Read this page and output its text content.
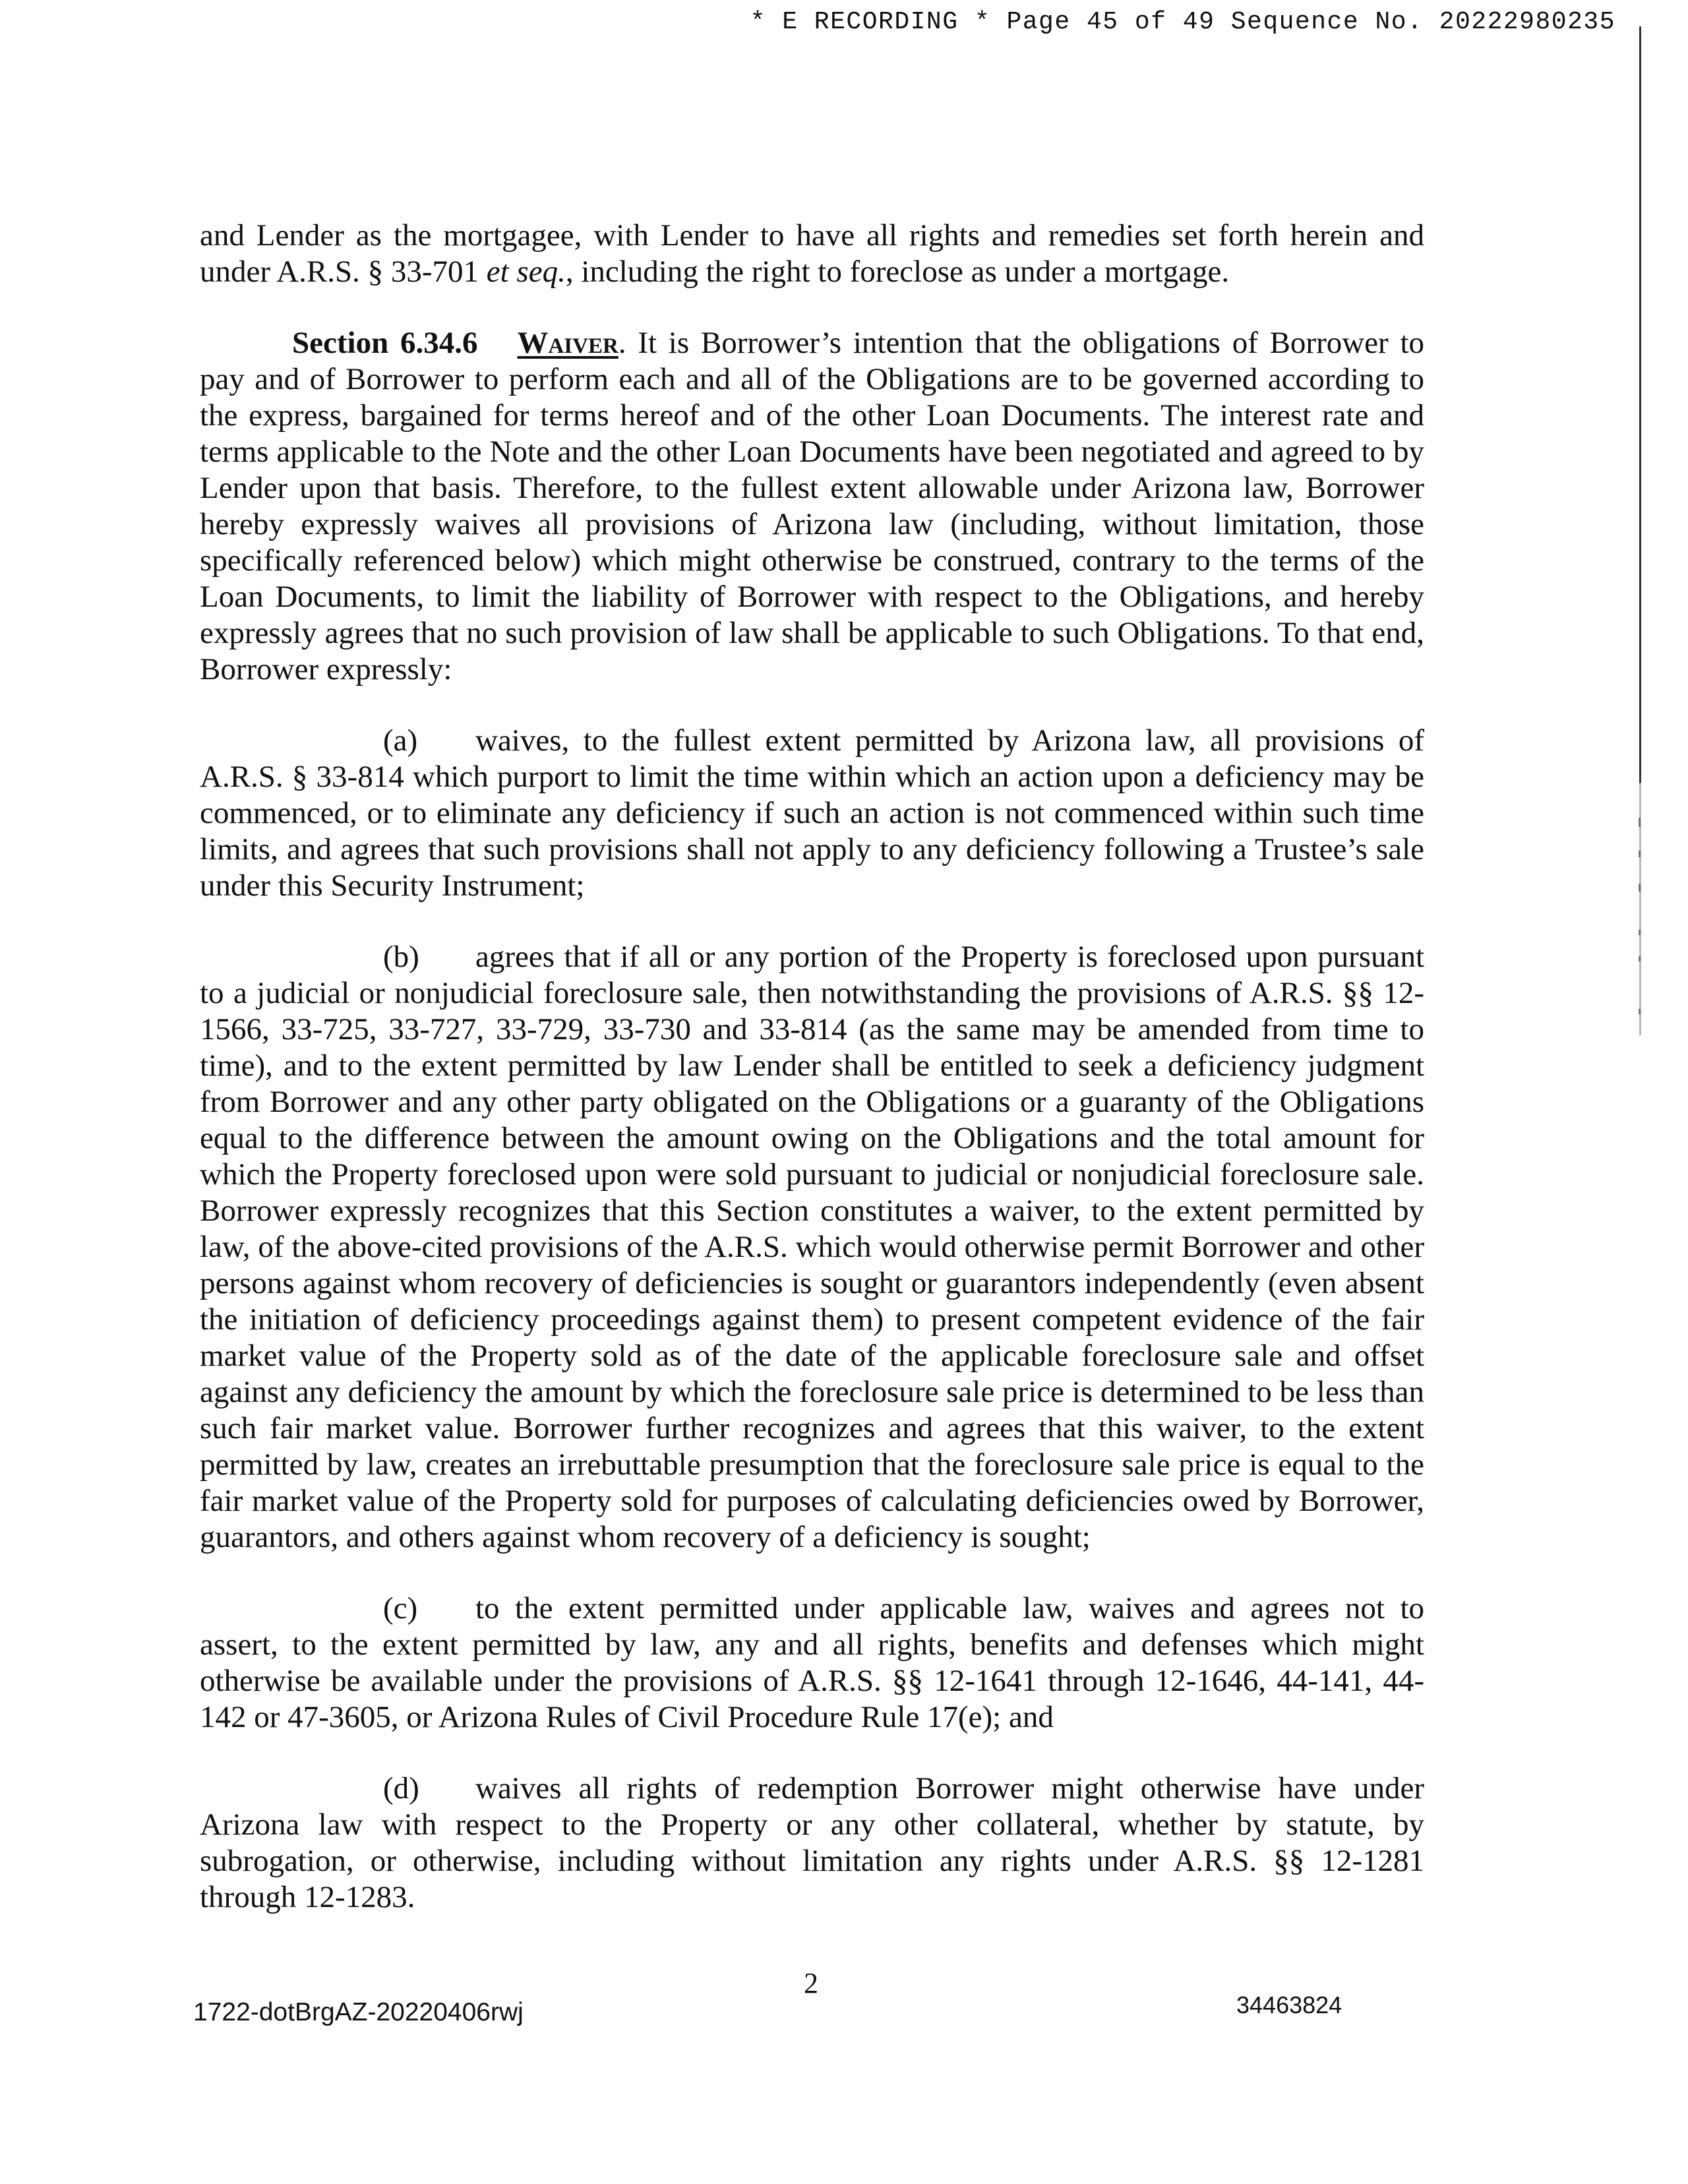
* E RECORDING * Page 45 of 49 Sequence No. 20222980235

and Lender as the mortgagee, with Lender to have all rights and remedies set forth herein and under A.R.S. § 33-701 et seq., including the right to foreclose as under a mortgage.

Section 6.34.6 Waiver. It is Borrower’s intention that the obligations of Borrower to pay and of Borrower to perform each and all of the Obligations are to be governed according to the express, bargained for terms hereof and of the other Loan Documents. The interest rate and terms applicable to the Note and the other Loan Documents have been negotiated and agreed to by Lender upon that basis. Therefore, to the fullest extent allowable under Arizona law, Borrower hereby expressly waives all provisions of Arizona law (including, without limitation, those specifically referenced below) which might otherwise be construed, contrary to the terms of the Loan Documents, to limit the liability of Borrower with respect to the Obligations, and hereby expressly agrees that no such provision of law shall be applicable to such Obligations. To that end, Borrower expressly:

(a) waives, to the fullest extent permitted by Arizona law, all provisions of A.R.S. § 33-814 which purport to limit the time within which an action upon a deficiency may be commenced, or to eliminate any deficiency if such an action is not commenced within such time limits, and agrees that such provisions shall not apply to any deficiency following a Trustee’s sale under this Security Instrument;

(b) agrees that if all or any portion of the Property is foreclosed upon pursuant to a judicial or nonjudicial foreclosure sale, then notwithstanding the provisions of A.R.S. §§ 12-1566, 33-725, 33-727, 33-729, 33-730 and 33-814 (as the same may be amended from time to time), and to the extent permitted by law Lender shall be entitled to seek a deficiency judgment from Borrower and any other party obligated on the Obligations or a guaranty of the Obligations equal to the difference between the amount owing on the Obligations and the total amount for which the Property foreclosed upon were sold pursuant to judicial or nonjudicial foreclosure sale. Borrower expressly recognizes that this Section constitutes a waiver, to the extent permitted by law, of the above-cited provisions of the A.R.S. which would otherwise permit Borrower and other persons against whom recovery of deficiencies is sought or guarantors independently (even absent the initiation of deficiency proceedings against them) to present competent evidence of the fair market value of the Property sold as of the date of the applicable foreclosure sale and offset against any deficiency the amount by which the foreclosure sale price is determined to be less than such fair market value. Borrower further recognizes and agrees that this waiver, to the extent permitted by law, creates an irrebuttable presumption that the foreclosure sale price is equal to the fair market value of the Property sold for purposes of calculating deficiencies owed by Borrower, guarantors, and others against whom recovery of a deficiency is sought;

(c) to the extent permitted under applicable law, waives and agrees not to assert, to the extent permitted by law, any and all rights, benefits and defenses which might otherwise be available under the provisions of A.R.S. §§ 12-1641 through 12-1646, 44-141, 44-142 or 47-3605, or Arizona Rules of Civil Procedure Rule 17(e); and

(d) waives all rights of redemption Borrower might otherwise have under Arizona law with respect to the Property or any other collateral, whether by statute, by subrogation, or otherwise, including without limitation any rights under A.R.S. §§ 12-1281 through 12-1283.

2
1722-dotBrgAZ-20220406rwj	34463824
